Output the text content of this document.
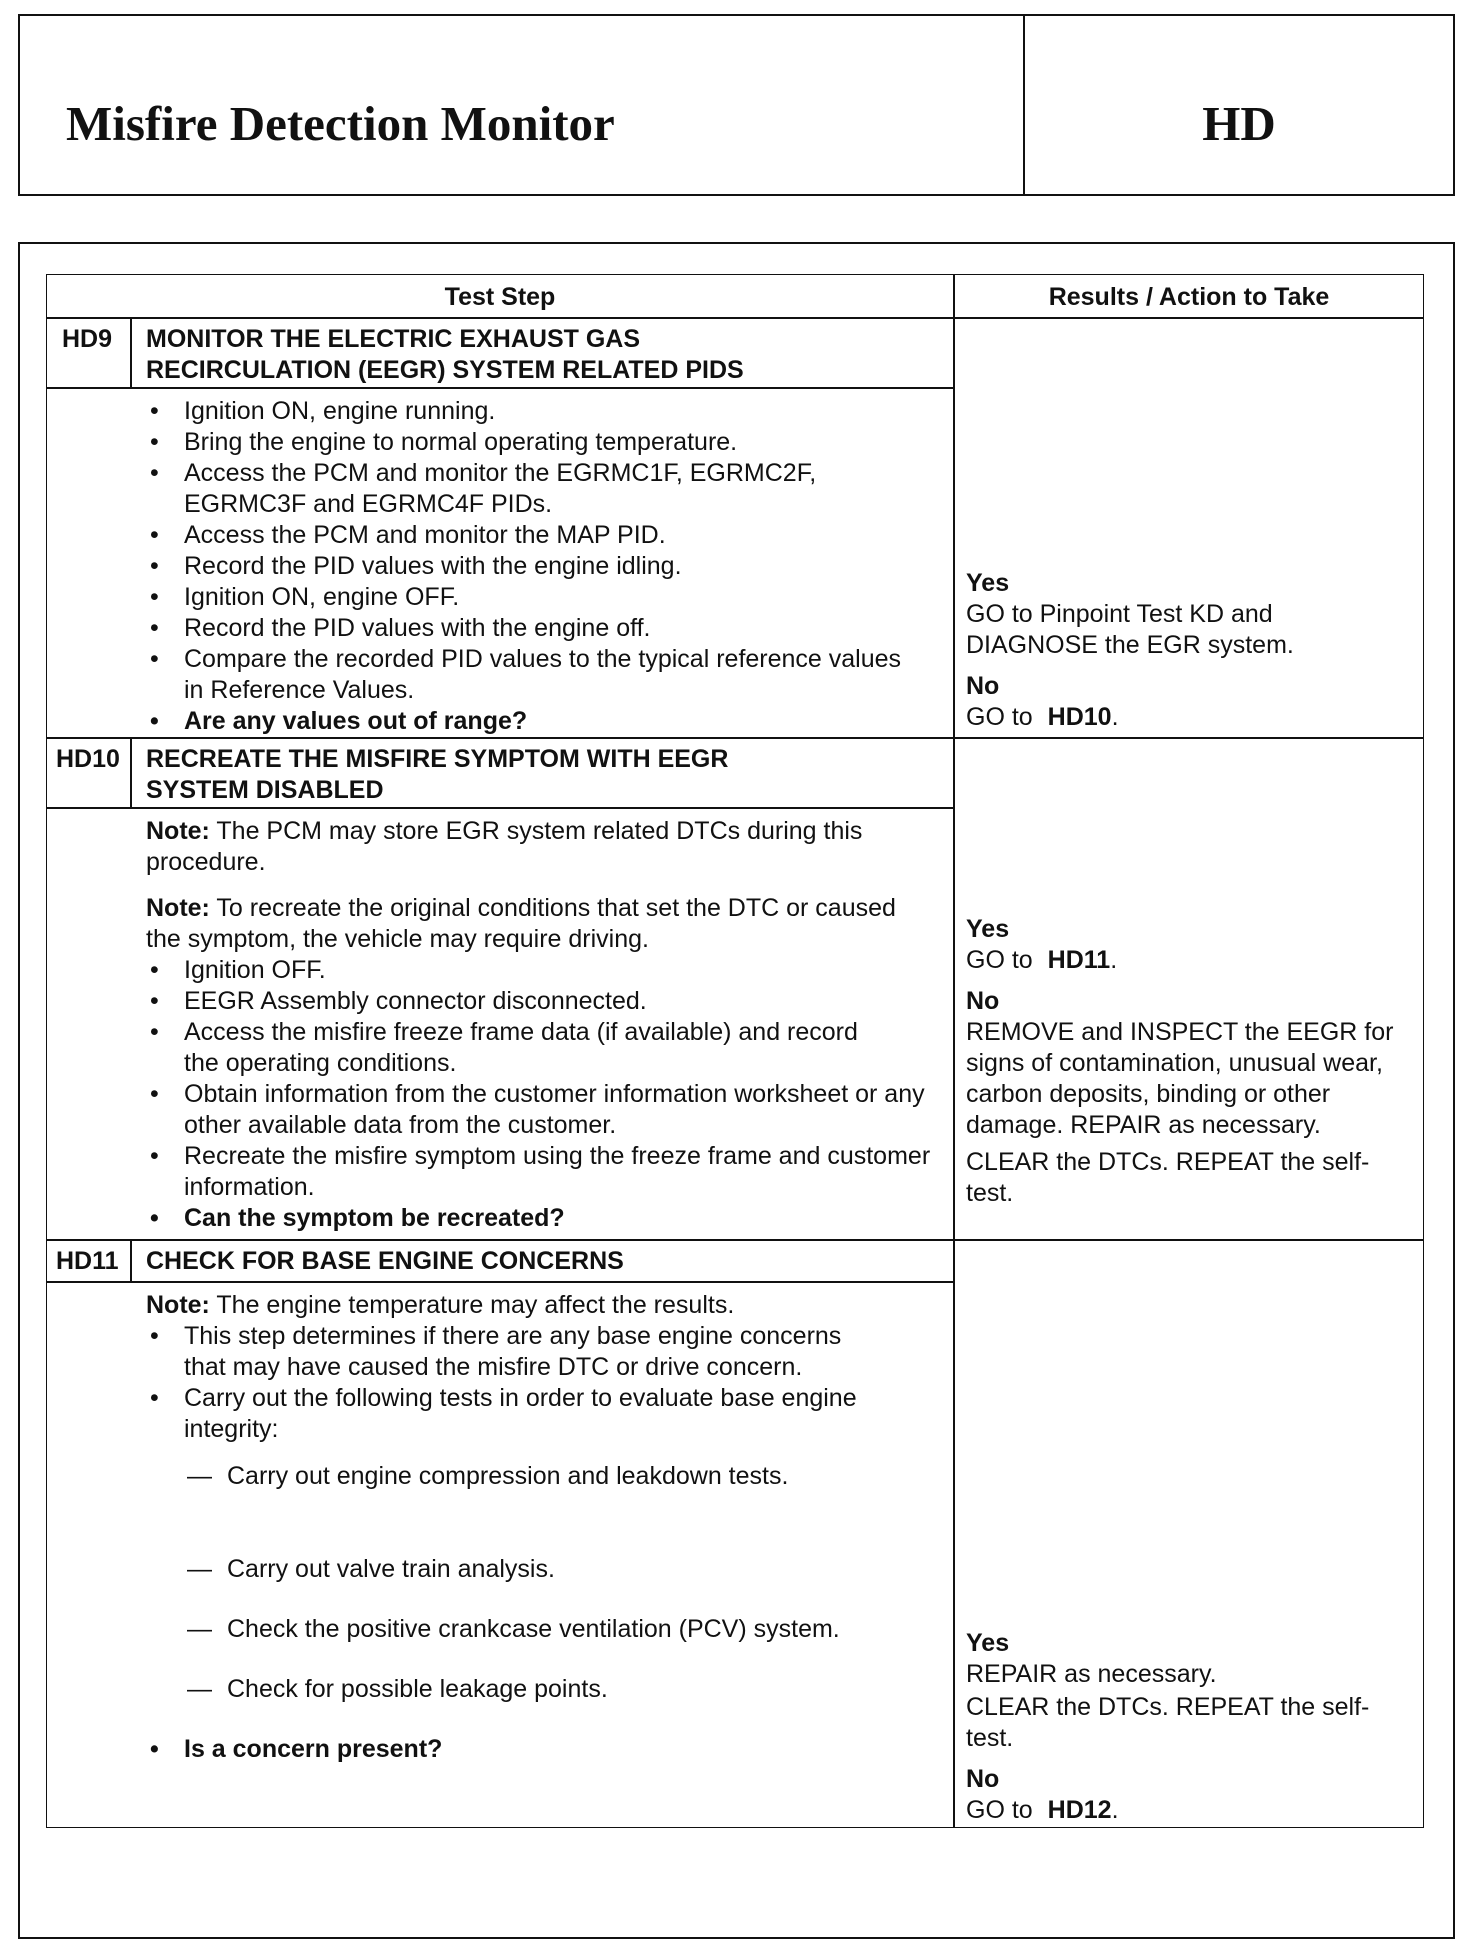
Misfire Detection Monitor	HD
Test Step	Results / Action to Take
HD9 MONITOR THE ELECTRIC EXHAUST GAS RECIRCULATION (EEGR) SYSTEM RELATED PIDS
• Ignition ON, engine running.
• Bring the engine to normal operating temperature.
• Access the PCM and monitor the EGRMC1F, EGRMC2F, EGRMC3F and EGRMC4F PIDs.
• Access the PCM and monitor the MAP PID.
• Record the PID values with the engine idling.
• Ignition ON, engine OFF.
• Record the PID values with the engine off.
• Compare the recorded PID values to the typical reference values in Reference Values.
• Are any values out of range?

Yes

GO to Pinpoint Test KD and DIAGNOSE the EGR system.

No

GO to HD10.

HD10 RECREATE THE MISFIRE SYMPTOM WITH EEGR SYSTEM DISABLED
Note: The PCM may store EGR system related DTCs during this procedure.
Note: To recreate the original conditions that set the DTC or caused the symptom, the vehicle may require driving.
• Ignition OFF.
• EEGR Assembly connector disconnected.
• Access the misfire freeze frame data (if available) and record the operating conditions.
• Obtain information from the customer information worksheet or any other available data from the customer.
• Recreate the misfire symptom using the freeze frame and customer information.
• Can the symptom be recreated?

Yes

GO to HD11.

No

REMOVE and INSPECT the EEGR for signs of contamination, unusual wear, carbon deposits, binding or other damage. REPAIR as necessary.

CLEAR the DTCs. REPEAT the self-test.

HD11 CHECK FOR BASE ENGINE CONCERNS
Note: The engine temperature may affect the results.
• This step determines if there are any base engine concerns that may have caused the misfire DTC or drive concern.
• Carry out the following tests in order to evaluate base engine integrity:
— Carry out engine compression and leakdown tests.
— Carry out valve train analysis.
— Check the positive crankcase ventilation (PCV) system.
— Check for possible leakage points.
• Is a concern present?

Yes

REPAIR as necessary.

CLEAR the DTCs. REPEAT the self-test.

No

GO to HD12.
